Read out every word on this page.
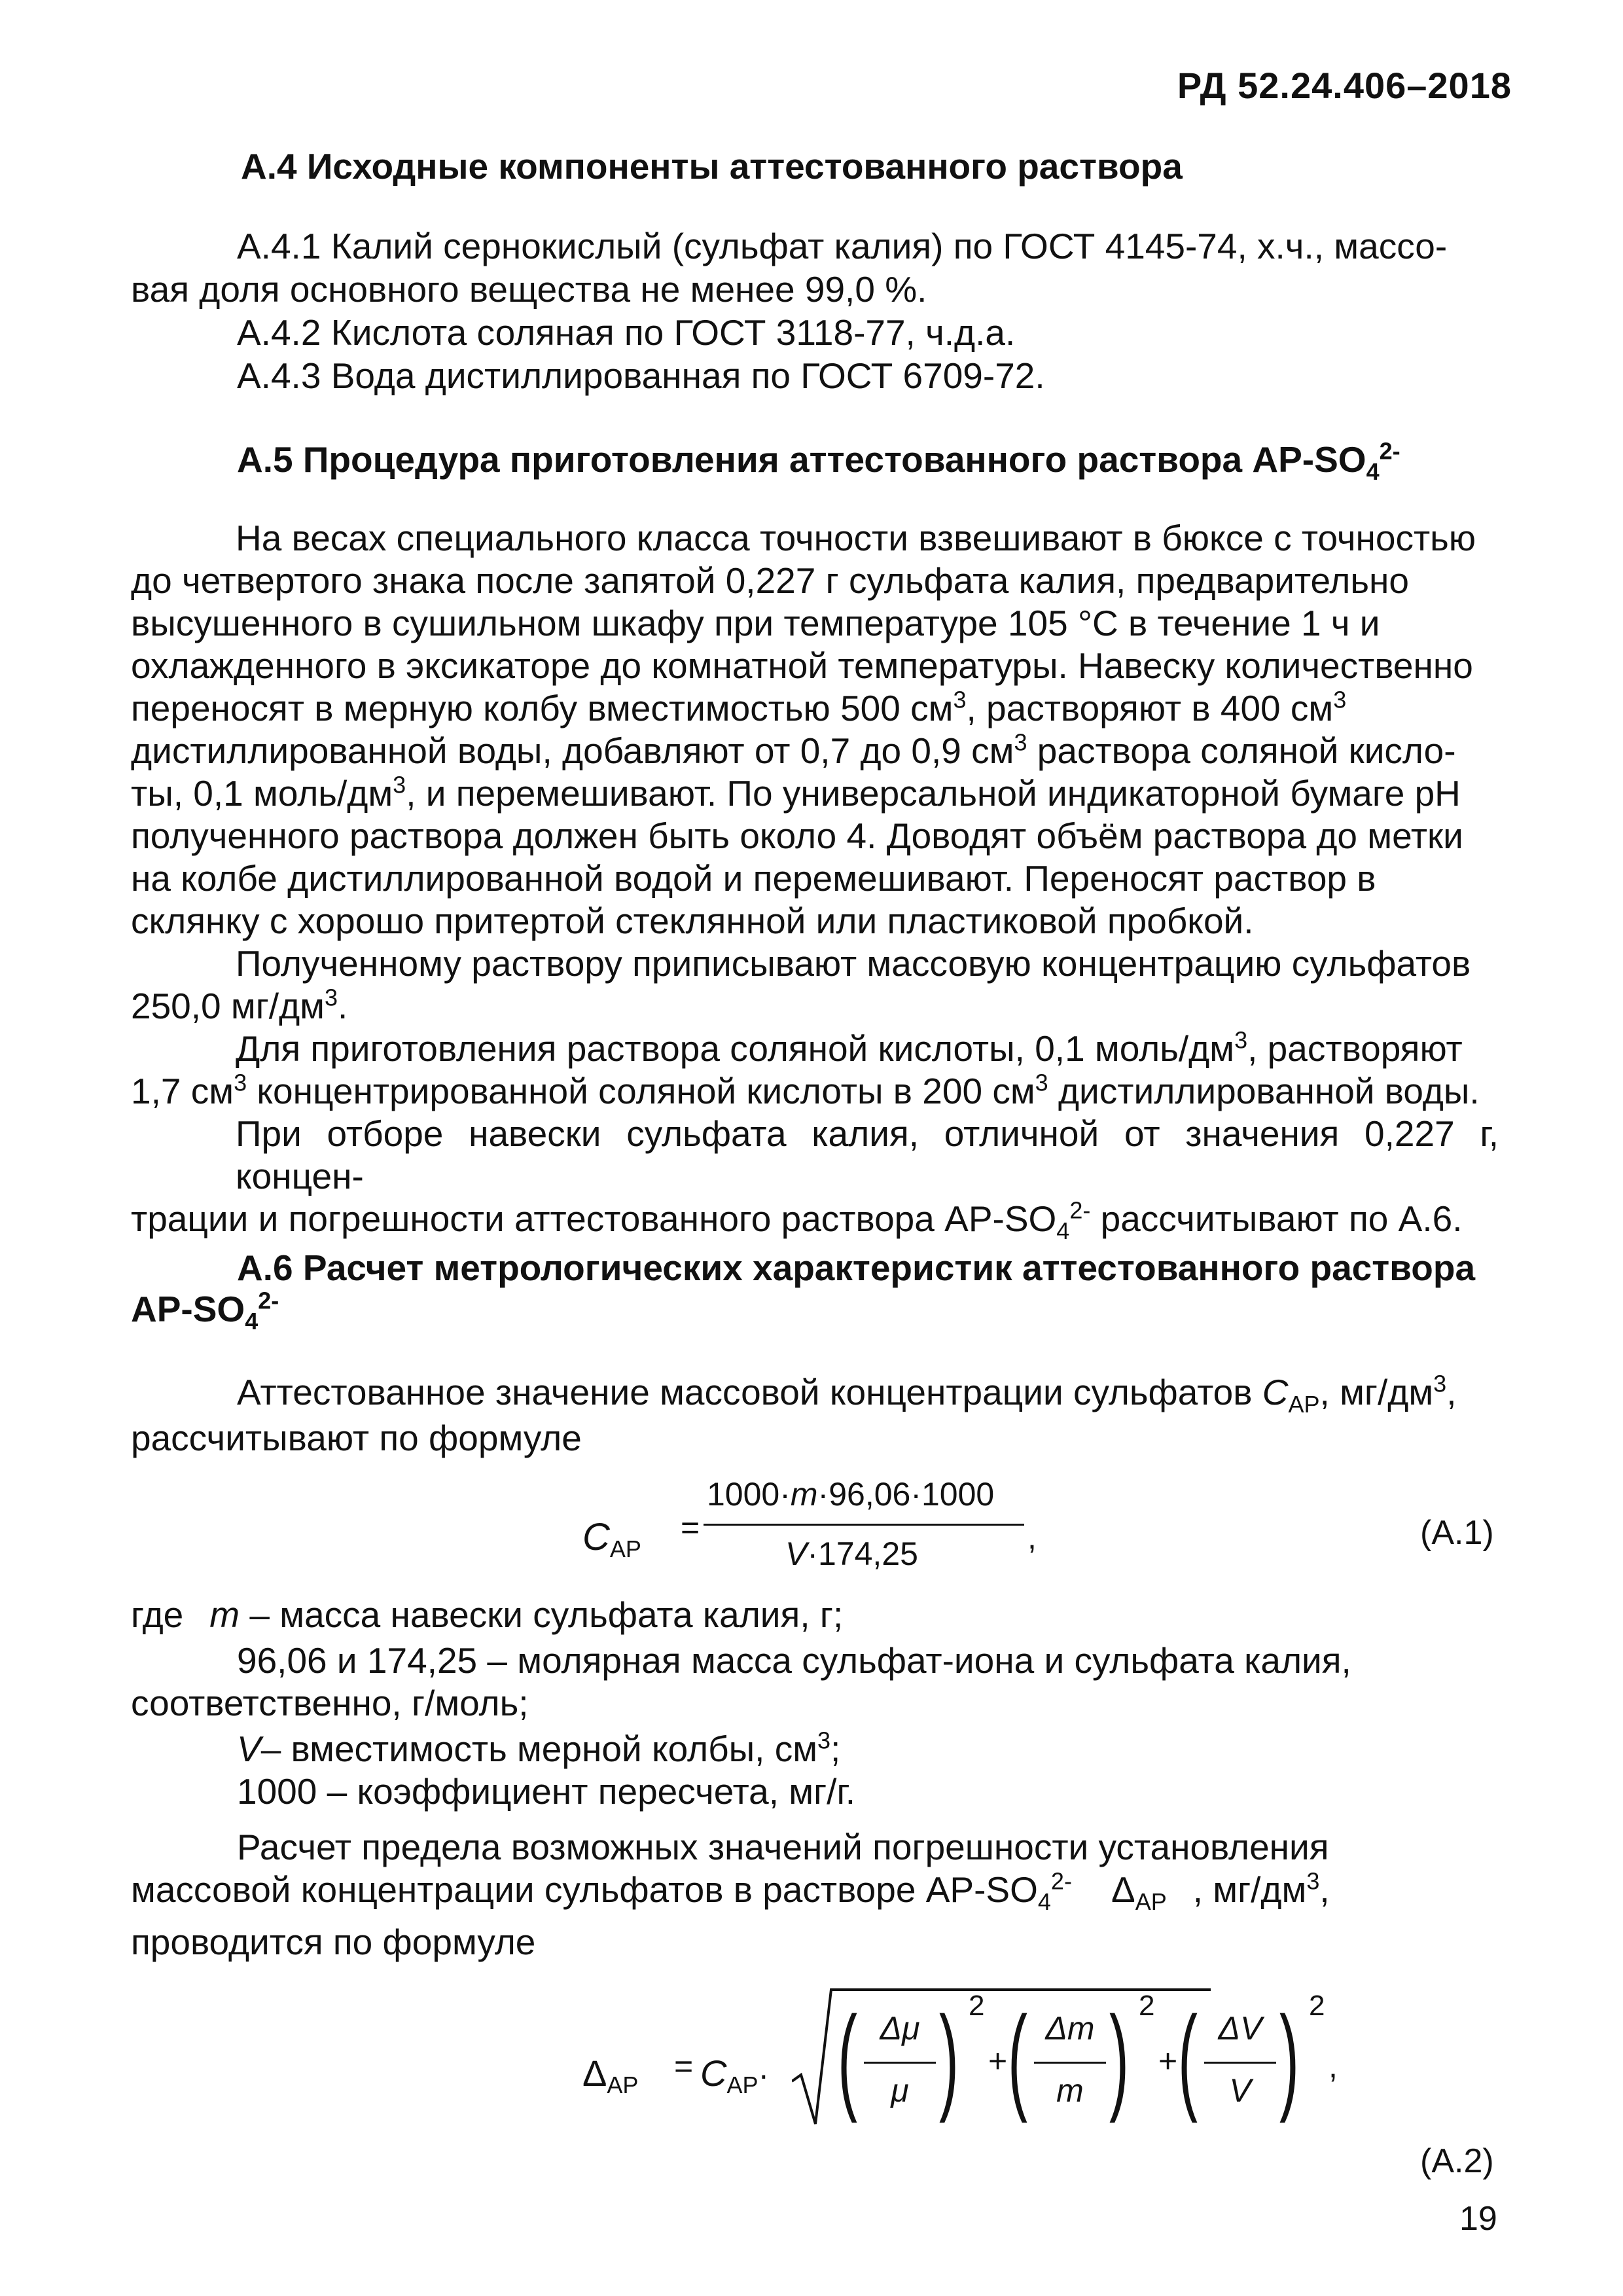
РД 52.24.406–2018
А.4 Исходные компоненты аттестованного раствора
А.4.1 Калий сернокислый (сульфат калия) по ГОСТ 4145-74, х.ч., массо-
вая доля основного вещества не менее 99,0 %.
А.4.2 Кислота соляная по ГОСТ 3118-77, ч.д.а.
А.4.3 Вода дистиллированная по ГОСТ 6709-72.
А.5 Процедура приготовления аттестованного раствора $АР-SO_4^{2-}$
На весах специального класса точности взвешивают в бюксе с точностью
до четвертого знака после запятой 0,227 г сульфата калия, предварительно
высушенного в сушильном шкафу при температуре 105 °С в течение 1 ч и
охлажденного в эксикаторе до комнатной температуры. Навеску количественно
переносят в мерную колбу вместимостью 500 $см^3$, растворяют в 400 $см^3$
дистиллированной воды, добавляют от 0,7 до 0,9 $см^3$ раствора соляной кисло-
ты, 0,1 моль/$дм^3$, и перемешивают. По универсальной индикаторной бумаге pH
полученного раствора должен быть около 4. Доводят объём раствора до метки
на колбе дистиллированной водой и перемешивают. Переносят раствор в
склянку с хорошо притертой стеклянной или пластиковой пробкой.
Полученному раствору приписывают массовую концентрацию сульфатов
250,0 $мг/дм^3$.
Для приготовления раствора соляной кислоты, 0,1 моль/$дм^3$, растворяют
1,7 $см^3$ концентрированной соляной кислоты в 200 $см^3$ дистиллированной воды.
При отборе навески сульфата калия, отличной от значения 0,227 г, концен-
трации и погрешности аттестованного раствора $АР-SO_4^{2-}$ рассчитывают по А.6.
А.6 Расчет метрологических характеристик аттестованного раствора
$АР-SO_4^{2-}$
Аттестованное значение массовой концентрации сульфатов $C_{АР}$, $мг/дм^3$,
рассчитывают по формуле
$C_{АР}$
=
1000·m·96,06·1000
V·174,25	,	(А.1)
где m – масса навески сульфата калия, г;
96,06 и 174,25 – молярная масса сульфат-иона и сульфата калия,
соответственно, г/моль;
V– вместимость мерной колбы, $см^3$;
1000 – коэффициент пересчета, мг/г.
Расчет предела возможных значений погрешности установления
массовой концентрации сульфатов в растворе $АР-SO_4^{2-}$ $\Delta_{АР}$ , $мг/дм^3$,
проводится по формуле
$\Delta_{АР}$
= $C_{АР}\cdot$ ( Δμ
μ ) 2
+ ( Δm
m ) 2
+ ( ΔV
V ) 2
,
(А.2)
19
